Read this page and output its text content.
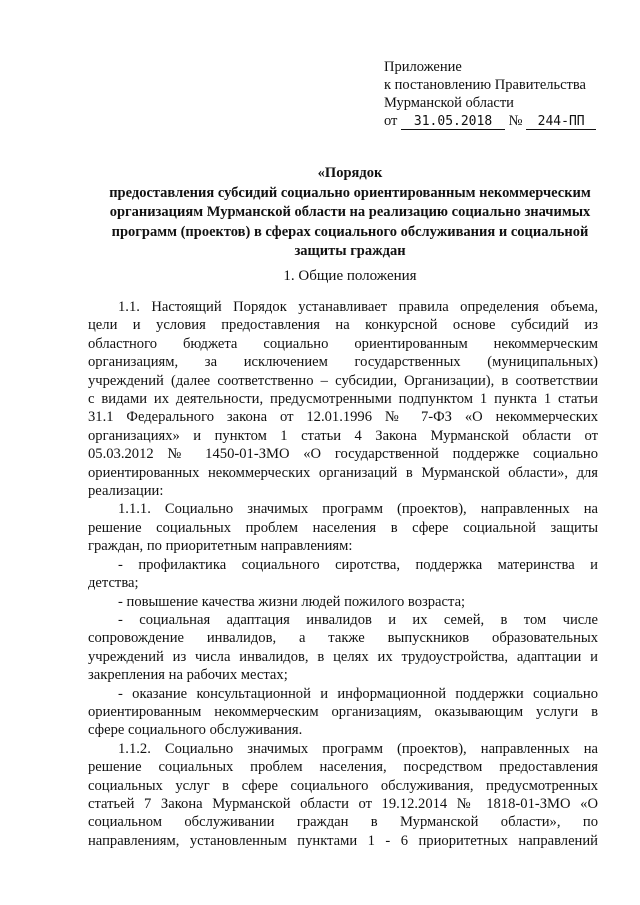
Приложение
к постановлению Правительства
Мурманской области
от 31.05.2018 № 244-ПП
«Порядок
предоставления субсидий социально ориентированным некоммерческим
организациям Мурманской области на реализацию социально значимых
программ (проектов) в сферах социального обслуживания и социальной
защиты граждан
1. Общие положения
1.1. Настоящий Порядок устанавливает правила определения объема,
цели и условия предоставления на конкурсной основе субсидий из
областного бюджета социально ориентированным некоммерческим
организациям, за исключением государственных (муниципальных)
учреждений (далее соответственно – субсидии, Организации), в соответствии
с видами их деятельности, предусмотренными подпунктом 1 пункта 1 статьи
31.1 Федерального закона от 12.01.1996 № 7-ФЗ «О некоммерческих
организациях» и пунктом 1 статьи 4 Закона Мурманской области от
05.03.2012 № 1450-01-ЗМО «О государственной поддержке социально
ориентированных некоммерческих организаций в Мурманской области», для
реализации:
1.1.1. Социально значимых программ (проектов), направленных на
решение социальных проблем населения в сфере социальной защиты
граждан, по приоритетным направлениям:
- профилактика социального сиротства, поддержка материнства и
детства;
- повышение качества жизни людей пожилого возраста;
- социальная адаптация инвалидов и их семей, в том числе
сопровождение инвалидов, а также выпускников образовательных
учреждений из числа инвалидов, в целях их трудоустройства, адаптации и
закрепления на рабочих местах;
- оказание консультационной и информационной поддержки социально
ориентированным некоммерческим организациям, оказывающим услуги в
сфере социального обслуживания.
1.1.2. Социально значимых программ (проектов), направленных на
решение социальных проблем населения, посредством предоставления
социальных услуг в сфере социального обслуживания, предусмотренных
статьей 7 Закона Мурманской области от 19.12.2014 № 1818-01-ЗМО «О
социальном обслуживании граждан в Мурманской области», по
направлениям, установленным пунктами 1 - 6 приоритетных направлений
